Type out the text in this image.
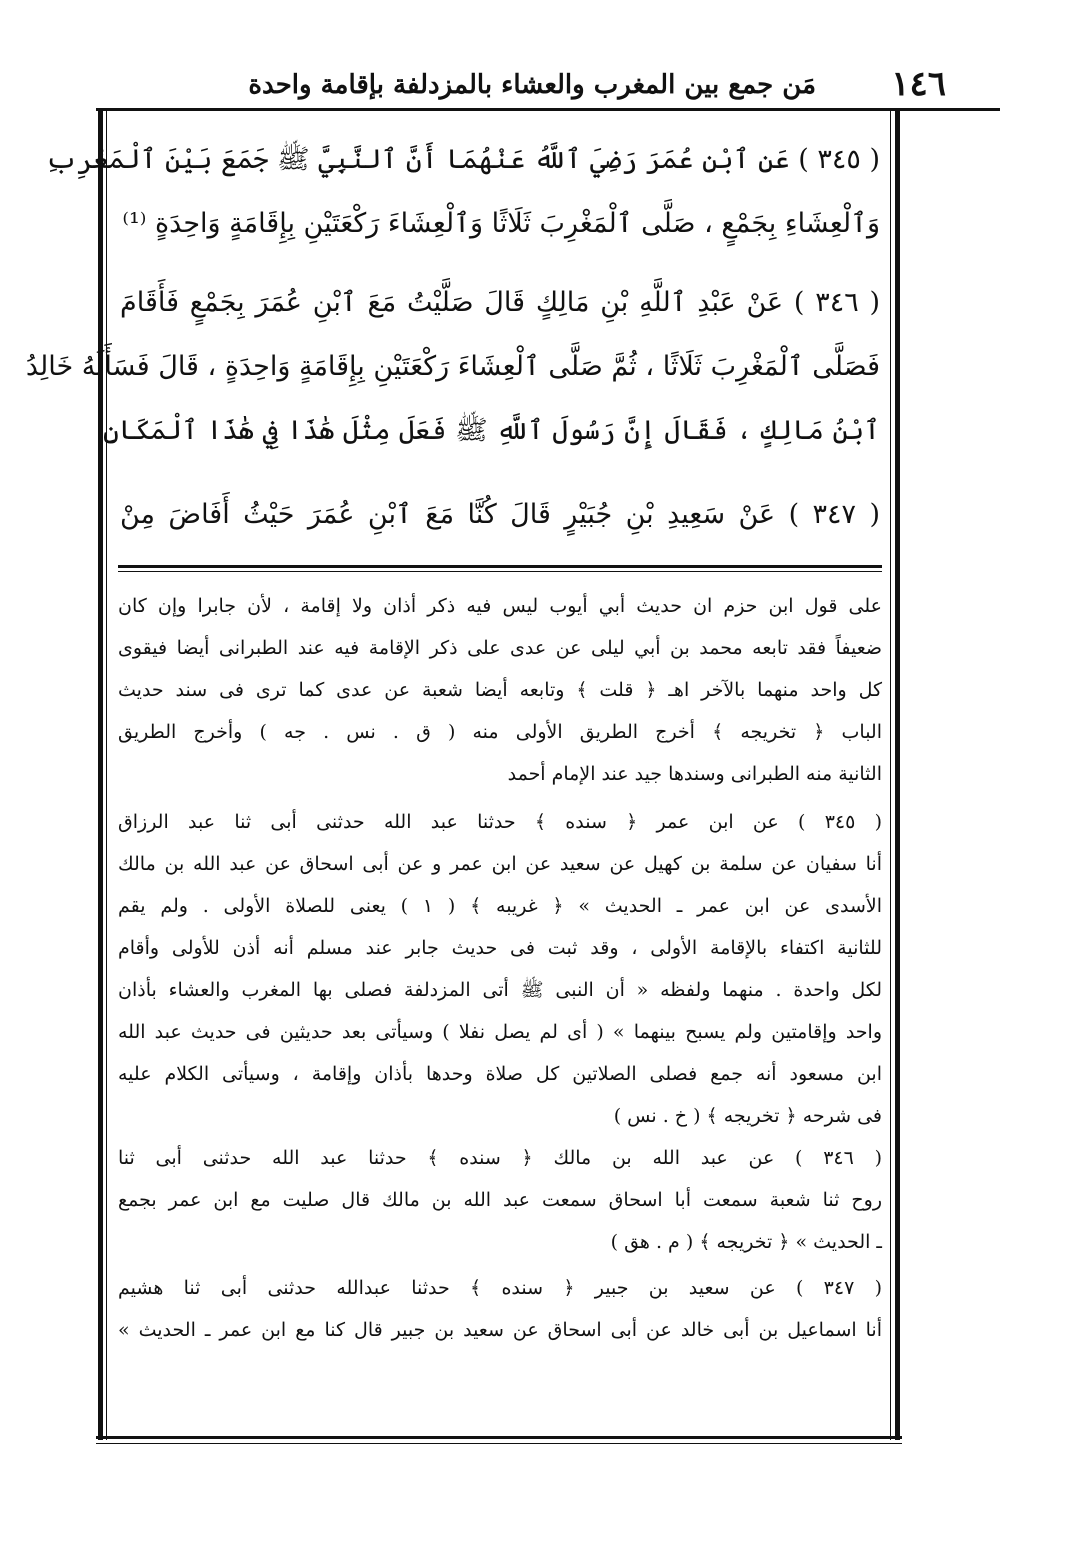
١٤٦
مَن جمع بين المغرب والعشاء بالمزدلفة بإقامة واحدة
( ٣٤٥ ) عَنِ ٱبْنِ عُمَرَ رَضِيَ ٱللَّهُ عَنْهُمَا أَنَّ ٱلنَّبِيَّ ﷺ جَمَعَ بَيْنَ ٱلْمَغْرِبِ
وَٱلْعِشَاءِ بِجَمْعٍ ، صَلَّى ٱلْمَغْرِبَ ثَلَاثًا وَٱلْعِشَاءَ رَكْعَتَيْنِ بِإِقَامَةٍ وَاحِدَةٍ ⁽¹⁾
( ٣٤٦ ) عَنْ عَبْدِ ٱللَّهِ بْنِ مَالِكٍ قَالَ صَلَّيْتُ مَعَ ٱبْنِ عُمَرَ بِجَمْعٍ فَأَقَامَ
فَصَلَّى ٱلْمَغْرِبَ ثَلَاثًا ، ثُمَّ صَلَّى ٱلْعِشَاءَ رَكْعَتَيْنِ بِإِقَامَةٍ وَاحِدَةٍ ، قَالَ فَسَأَلَهُ خَالِدُ
ٱبْنُ مَالِكٍ ، فَقَالَ إِنَّ رَسُولَ ٱللَّهِ ﷺ فَعَلَ مِثْلَ هَٰذَا فِي هَٰذَا ٱلْمَكَانِ
( ٣٤٧ ) عَنْ سَعِيدِ بْنِ جُبَيْرٍ قَالَ كُنَّا مَعَ ٱبْنِ عُمَرَ حَيْثُ أَفَاضَ مِنْ
على قول ابن حزم ان حديث أبي أيوب ليس فيه ذكر أذان ولا إقامة ، لأن جابرا وإن كان
ضعيفاً فقد تابعه محمد بن أبي ليلى عن عدى على ذكر الإقامة فيه عند الطبرانى أيضا فيقوى
كل واحد منهما بالآخر اهـ ﴿ قلت ﴾ وتابعه أيضا شعبة عن عدى كما ترى فى سند حديث
الباب ﴿ تخريجه ﴾ أخرج الطريق الأولى منه ( ق . نس . جه ) وأخرج الطريق
الثانية منه الطبرانى وسندها جيد عند الإمام أحمد
( ٣٤٥ ) عن ابن عمر ﴿ سنده ﴾ حدثنا عبد الله حدثنى أبى ثنا عبد الرزاق
أنا سفيان عن سلمة بن كهيل عن سعيد عن ابن عمر و عن أبى اسحاق عن عبد الله بن مالك
الأسدى عن ابن عمر ـ الحديث » ﴿ غريبه ﴾ ( ١ ) يعنى للصلاة الأولى . ولم يقم
للثانية اكتفاء بالإقامة الأولى ، وقد ثبت فى حديث جابر عند مسلم أنه أذن للأولى وأقام
لكل واحدة . منهما ولفظه « أن النبى ﷺ أتى المزدلفة فصلى بها المغرب والعشاء بأذان
واحد وإقامتين ولم يسبح بينهما » ( أى لم يصل نفلا ) وسيأتى بعد حديثين فى حديث عبد الله
ابن مسعود أنه جمع فصلى الصلاتين كل صلاة وحدها بأذان وإقامة ، وسيأتى الكلام عليه
فى شرحه ﴿ تخريجه ﴾ ( خ . نس )
( ٣٤٦ ) عن عبد الله بن مالك ﴿ سنده ﴾ حدثنا عبد الله حدثنى أبى ثنا
روح ثنا شعبة سمعت أبا اسحاق سمعت عبد الله بن مالك قال صليت مع ابن عمر بجمع
ـ الحديث » ﴿ تخريجه ﴾ ( م . هق )
( ٣٤٧ ) عن سعيد بن جبير ﴿ سنده ﴾ حدثنا عبدالله حدثنى أبى ثنا هشيم
أنا اسماعيل بن أبى خالد عن أبى اسحاق عن سعيد بن جبير قال كنا مع ابن عمر ـ الحديث »
